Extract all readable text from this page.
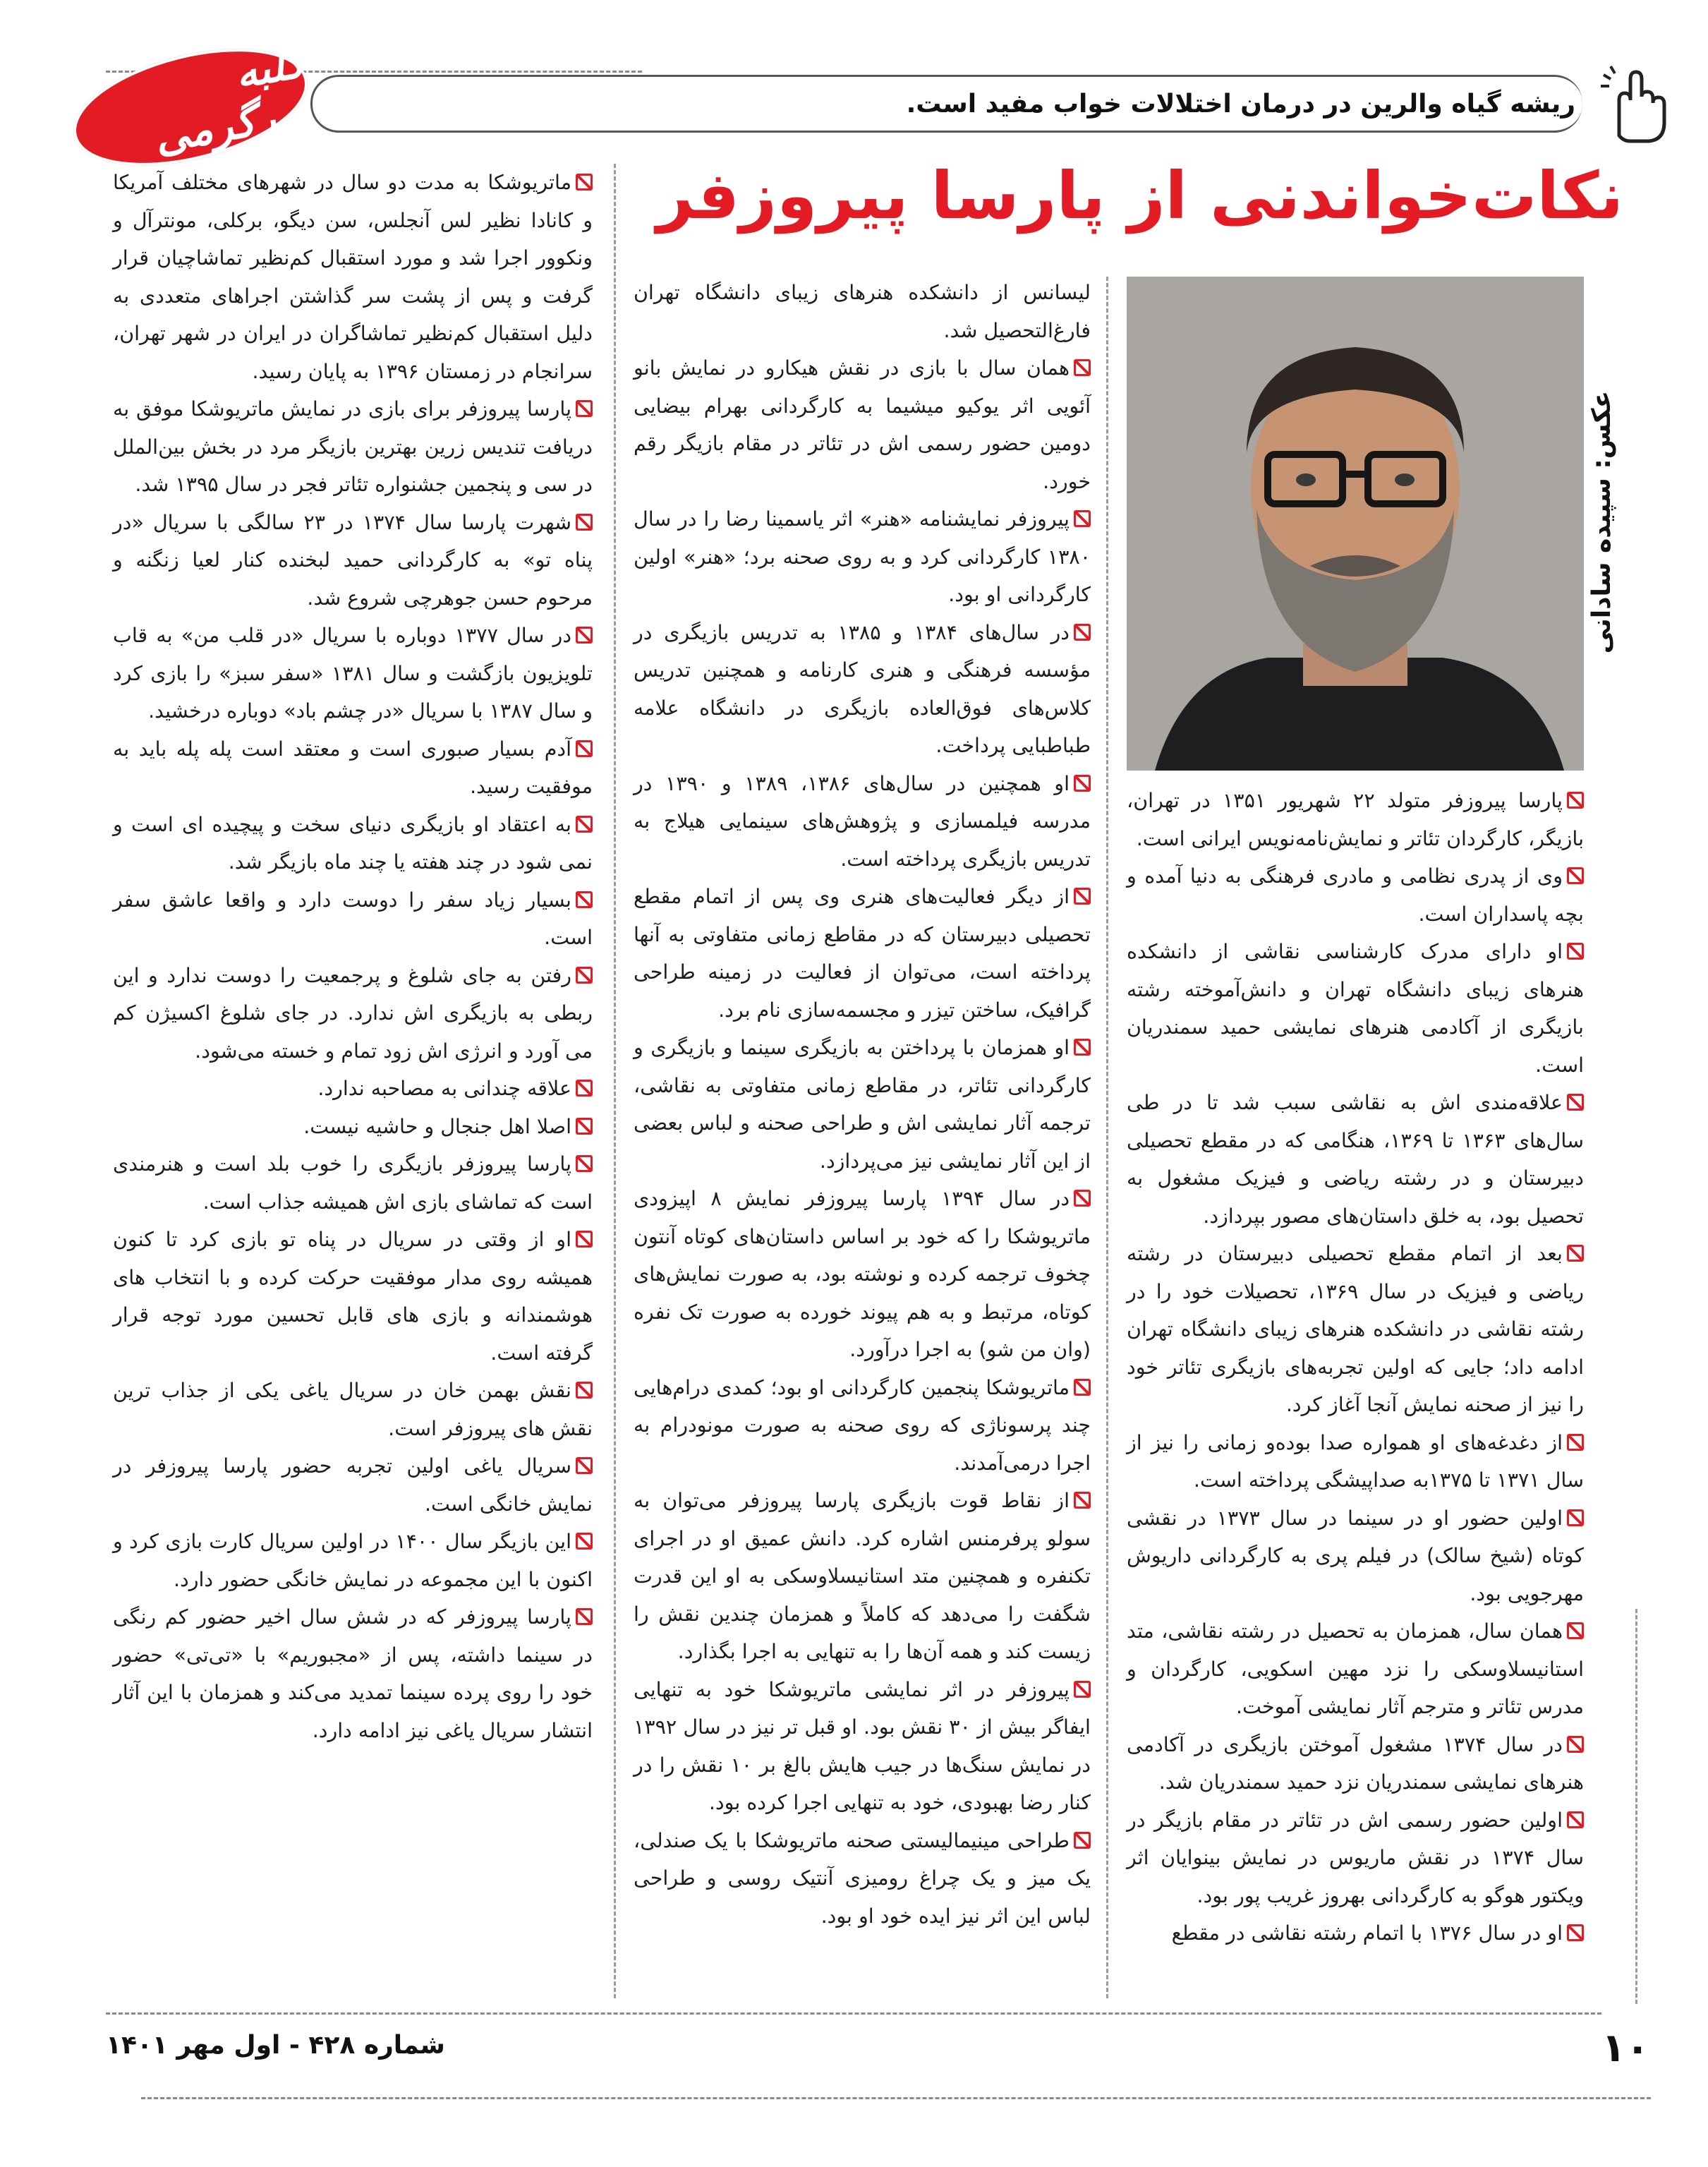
کلبه سرگرمی	ریشه گیاه والرین در درمان اختلالات خواب مفید است.
نکات‌خواندنی از پارسا پیروزفر
عکس: سپیده سادانی

پارسا پیروزفر متولد ۲۲ شهریور ۱۳۵۱ در تهران، بازیگر، کارگردان تئاتر و نمایش‌نامه‌نویس ایرانی است.

وی از پدری نظامی و مادری فرهنگی به دنیا آمده و بچه پاسداران است.

او دارای مدرک کارشناسی نقاشی از دانشکده هنرهای زیبای دانشگاه تهران و دانش‌آموخته رشته بازیگری از آکادمی هنرهای نمایشی حمید سمندریان است.

علاقه‌مندی اش به نقاشی سبب شد تا در طی سال‌های ۱۳۶۳ تا ۱۳۶۹، هنگامی که در مقطع تحصیلی دبیرستان و در رشته ریاضی و فیزیک مشغول به تحصیل بود، به خلق داستان‌های مصور بپردازد.

بعد از اتمام مقطع تحصیلی دبیرستان در رشته ریاضی و فیزیک در سال ۱۳۶۹، تحصیلات خود را در رشته نقاشی در دانشکده هنرهای زیبای دانشگاه تهران ادامه داد؛ جایی که اولین تجربه‌های بازیگری تئاتر خود را نیز از صحنه نمایش آنجا آغاز کرد.

از دغدغه‌های او همواره صدا بوده‌و زمانی را نیز از سال ۱۳۷۱ تا ۱۳۷۵به صداپیشگی پرداخته است.

اولین حضور او در سینما در سال ۱۳۷۳ در نقشی کوتاه (شیخ سالک) در فیلم پری به کارگردانی داریوش مهرجویی بود.

همان سال، همزمان به تحصیل در رشته نقاشی، متد استانیسلاوسکی را نزد مهین اسکویی، کارگردان و مدرس تئاتر و مترجم آثار نمایشی آموخت.

در سال ۱۳۷۴ مشغول آموختن بازیگری در آکادمی هنرهای نمایشی سمندریان نزد حمید سمندریان شد.

اولین حضور رسمی اش در تئاتر در مقام بازیگر در سال ۱۳۷۴ در نقش ماریوس در نمایش بینوایان اثر ویکتور هوگو به کارگردانی بهروز غریب پور بود.

او در سال ۱۳۷۶ با اتمام رشته نقاشی در مقطع

لیسانس از دانشکده هنرهای زیبای دانشگاه تهران فارغ‌التحصیل شد.

همان سال با بازی در نقش هیکارو در نمایش بانو آئویی اثر یوکیو میشیما به کارگردانی بهرام بیضایی دومین حضور رسمی اش در تئاتر در مقام بازیگر رقم خورد.

پیروزفر نمایشنامه «هنر» اثر یاسمینا رضا را در سال ۱۳۸۰ کارگردانی کرد و به روی صحنه برد؛ «هنر» اولین کارگردانی او بود.

در سال‌های ۱۳۸۴ و ۱۳۸۵ به تدریس بازیگری در مؤسسه فرهنگی و هنری کارنامه و همچنین تدریس کلاس‌های فوق‌العاده بازیگری در دانشگاه علامه طباطبایی پرداخت.

او همچنین در سال‌های ۱۳۸۶، ۱۳۸۹ و ۱۳۹۰ در مدرسه فیلمسازی و پژوهش‌های سینمایی هیلاج به تدریس بازیگری پرداخته است.

از دیگر فعالیت‌های هنری وی پس از اتمام مقطع تحصیلی دبیرستان که در مقاطع زمانی متفاوتی به آنها پرداخته است، می‌توان از فعالیت در زمینه طراحی گرافیک، ساختن تیزر و مجسمه‌سازی نام برد.

او همزمان با پرداختن به بازیگری سینما و بازیگری و کارگردانی تئاتر، در مقاطع زمانی متفاوتی به نقاشی، ترجمه آثار نمایشی اش و طراحی صحنه و لباس بعضی از این آثار نمایشی نیز می‌پردازد.

در سال ۱۳۹۴ پارسا پیروزفر نمایش ۸ اپیزودی ماتریوشکا را که خود بر اساس داستان‌های کوتاه آنتون چخوف ترجمه کرده و نوشته بود، به صورت نمایش‌های کوتاه، مرتبط و به هم پیوند خورده به صورت تک نفره (وان من شو) به اجرا درآورد.

ماتریوشکا پنجمین کارگردانی او بود؛ کمدی درام‌هایی چند پرسوناژی که روی صحنه به صورت مونودرام به اجرا درمی‌آمدند.

از نقاط قوت بازیگری پارسا پیروزفر می‌توان به سولو پرفرمنس اشاره کرد. دانش عمیق او در اجرای تکنفره و همچنین متد استانیسلاوسکی به او این قدرت شگفت را می‌دهد که کاملاً و همزمان چندین نقش را زیست کند و همه آن‌ها را به تنهایی به اجرا بگذارد.

پیروزفر در اثر نمایشی ماتریوشکا خود به تنهایی ایفاگر بیش از ۳۰ نقش بود. او قبل تر نیز در سال ۱۳۹۲ در نمایش سنگ‌ها در جیب هایش بالغ بر ۱۰ نقش را در کنار رضا بهبودی، خود به تنهایی اجرا کرده بود.

طراحی مینیمالیستی صحنه ماتریوشکا با یک صندلی، یک میز و یک چراغ رومیزی آنتیک روسی و طراحی لباس این اثر نیز ایده خود او بود.

ماتریوشکا به مدت دو سال در شهرهای مختلف آمریکا و کانادا نظیر لس آنجلس، سن دیگو، برکلی، مونترآل و ونکوور اجرا شد و مورد استقبال کم‌نظیر تماشاچیان قرار گرفت و پس از پشت سر گذاشتن اجراهای متعددی به دلیل استقبال کم‌نظیر تماشاگران در ایران در شهر تهران، سرانجام در زمستان ۱۳۹۶ به پایان رسید.

پارسا پیروزفر برای بازی در نمایش ماتریوشکا موفق به دریافت تندیس زرین بهترین بازیگر مرد در بخش بین‌الملل در سی و پنجمین جشنواره تئاتر فجر در سال ۱۳۹۵ شد.

شهرت پارسا سال ۱۳۷۴ در ۲۳ سالگی با سریال «در پناه تو» به کارگردانی حمید لبخنده کنار لعیا زنگنه و مرحوم حسن جوهرچی شروع شد.

در سال ۱۳۷۷ دوباره با سریال «در قلب من» به قاب تلویزیون بازگشت و سال ۱۳۸۱ «سفر سبز» را بازی کرد و سال ۱۳۸۷ با سریال «در چشم باد» دوباره درخشید.

آدم بسیار صبوری است و معتقد است پله پله باید به موفقیت رسید.

به اعتقاد او بازیگری دنیای سخت و پیچیده ای است و نمی شود در چند هفته یا چند ماه بازیگر شد.

بسیار زیاد سفر را دوست دارد و واقعا عاشق سفر است.

رفتن به جای شلوغ و پرجمعیت را دوست ندارد و این ربطی به بازیگری اش ندارد. در جای شلوغ اکسیژن کم می آورد و انرژی اش زود تمام و خسته می‌شود.

علاقه چندانی به مصاحبه ندارد.

اصلا اهل جنجال و حاشیه نیست.

پارسا پیروزفر بازیگری را خوب بلد است و هنرمندی است که تماشای بازی اش همیشه جذاب است.

او از وقتی در سریال در پناه تو بازی کرد تا کنون همیشه روی مدار موفقیت حرکت کرده و با انتخاب های هوشمندانه و بازی های قابل تحسین مورد توجه قرار گرفته است.

نقش بهمن خان در سریال یاغی یکی از جذاب ترین نقش های پیروزفر است.

سریال یاغی اولین تجربه حضور پارسا پیروزفر در نمایش خانگی است.

این بازیگر سال ۱۴۰۰ در اولین سریال کارت بازی کرد و اکنون با این مجموعه در نمایش خانگی حضور دارد.

پارسا پیروزفر که در شش سال اخیر حضور کم رنگی در سینما داشته، پس از «مجبوریم» با «تی‌تی» حضور خود را روی پرده سینما تمدید می‌کند و همزمان با این آثار انتشار سریال یاغی نیز ادامه دارد.

۱۰
شماره ۴۲۸ - اول مهر ۱۴۰۱
